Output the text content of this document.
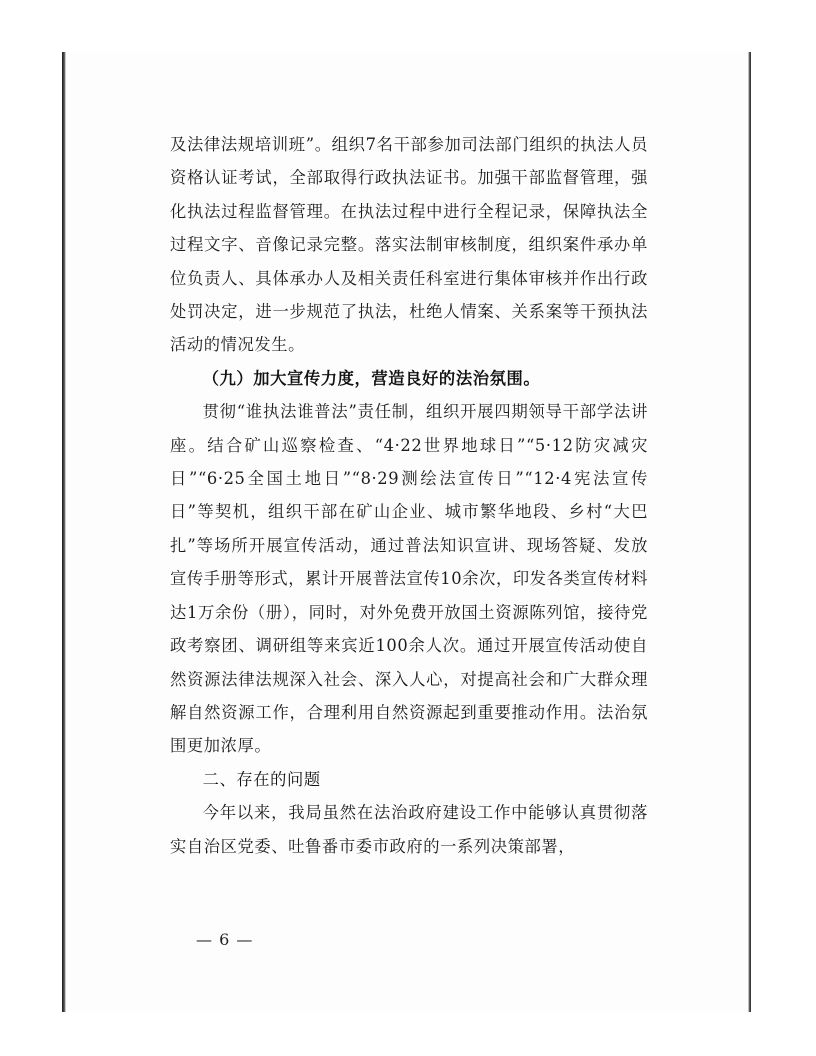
及法律法规培训班”。组织7名干部参加司法部门组织的执法人员资格认证考试，全部取得行政执法证书。加强干部监督管理，强化执法过程监督管理。在执法过程中进行全程记录，保障执法全过程文字、音像记录完整。落实法制审核制度，组织案件承办单位负责人、具体承办人及相关责任科室进行集体审核并作出行政处罚决定，进一步规范了执法，杜绝人情案、关系案等干预执法活动的情况发生。

（九）加大宣传力度，营造良好的法治氛围。

贯彻“谁执法谁普法”责任制，组织开展四期领导干部学法讲座。结合矿山巡察检查、“4·22世界地球日”“5·12防灾减灾日”“6·25全国土地日”“8·29测绘法宣传日”“12·4宪法宣传日”等契机，组织干部在矿山企业、城市繁华地段、乡村“大巴扎”等场所开展宣传活动，通过普法知识宣讲、现场答疑、发放宣传手册等形式，累计开展普法宣传10余次，印发各类宣传材料达1万余份（册），同时，对外免费开放国土资源陈列馆，接待党政考察团、调研组等来宾近100余人次。通过开展宣传活动使自然资源法律法规深入社会、深入人心，对提高社会和广大群众理解自然资源工作，合理利用自然资源起到重要推动作用。法治氛围更加浓厚。

二、存在的问题

今年以来，我局虽然在法治政府建设工作中能够认真贯彻落实自治区党委、吐鲁番市委市政府的一系列决策部署，

— 6 —
